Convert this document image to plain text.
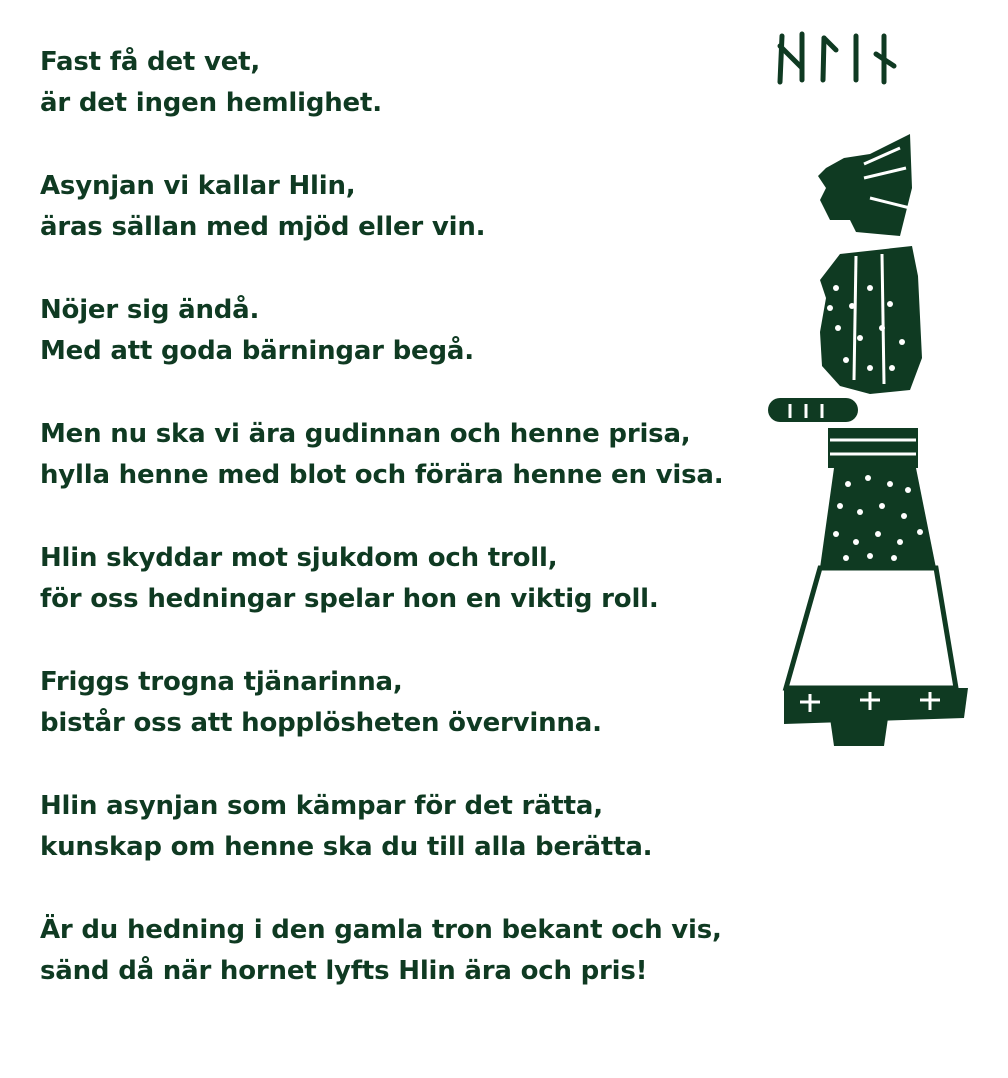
Fast få det vet,
är det ingen hemlighet.
Asynjan vi kallar Hlin,
äras sällan med mjöd eller vin.
Nöjer sig ändå.
Med att goda bärningar begå.
Men nu ska vi ära gudinnan och henne prisa,
hylla henne med blot och förära henne en visa.
Hlin skyddar mot sjukdom och troll,
för oss hedningar spelar hon en viktig roll.
Friggs trogna tjänarinna,
bistår oss att hopplösheten övervinna.
Hlin asynjan som kämpar för det rätta,
kunskap om henne ska du till alla berätta.
Är du hedning i den gamla tron bekant och vis,
sänd då när hornet lyfts Hlin ära och pris!
